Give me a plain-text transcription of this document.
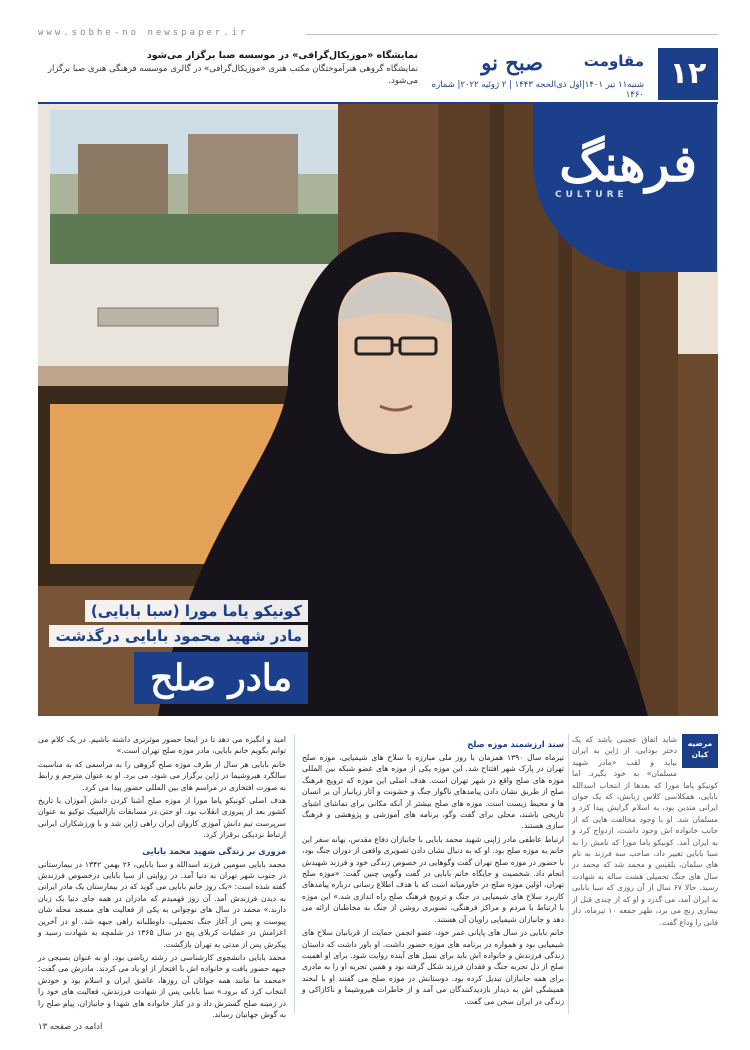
www.sobhe-no newspaper.ir
۱۲
مقاومت
صبح نو
شنبه۱۱ تیر ۱۴۰۱|اول ذی‌الحجه ۱۴۴۳ | ۲ ژوئیه ۲۰۲۲| شماره ۱۴۶۰
نمایشگاه «موزیکال‌گرافی» در موسسه صبا برگزار می‌شود
نمایشگاه گروهی هنرآموختگان مکتب هنری «موزیکال‌گرافی» در گالری موسسه فرهنگی هنری صبا برگزار می‌شود.
فرهنگ
CULTURE
کونیکو یاما مورا (سبا بابایی)
مادر شهید محمود بابایی درگذشت
مادر صلح
مرضیه کیان

شاید اتفاق عجیبی باشد که یک دختر بودایی، از ژاپن به ایران بیاید و لقب «مادر شهید مسلمان» به خود بگیرد. اما کونیکو یاما مورا که بعدها از انتخاب اسدالله بابایی، همکلاسی کلاس زبانش، که یک جوان ایرانی متدین بود، به اسلام گرایش پیدا کرد و مسلمان شد. او با وجود مخالفت هایی که از جانب خانواده اش وجود داشت، ازدواج کرد و به ایران آمد. کونیکو یاما مورا که نامش را به سبا بابایی تغییر داد، صاحب سه فرزند به نام های سلمان، بلقیس و محمد شد که محمد در سال های جنگ تحمیلی هشت ساله به شهادت رسید. حالا ۶۷ سال از آن روزی که سبا بابایی به ایران آمد، می گذرد و او که از چندی قبل از بیماری رنج می برد، ظهر جمعه ۱۰ تیرماه، دار فانی را وداع گفت.

سند ارزشمند موزه صلح

تیرماه سال ۱۳۹۰ همزمان با روز ملی مبارزه با سلاح های شیمیایی، موزه صلح تهران در پارک شهر افتتاح شد. این موزه یکی از موزه های عضو شبکه بین المللی موزه های صلح واقع در شهر تهران است. هدف اصلی این موزه که ترویج فرهنگ صلح از طریق نشان دادن پیامدهای ناگوار جنگ و خشونت و آثار زیانبار آن بر انسان ها و محیط زیست است. موزه های صلح بیشتر از آنکه مکانی برای تماشای اشیای تاریخی باشند، محلی برای گفت وگو، برنامه های آموزشی و پژوهشی و فرهنگ سازی هستند.

ارتباط عاطفی مادر ژاپنی شهید محمد بابایی با جانبازان دفاع مقدس، بهانه سفر این خانم به موزه صلح بود. او که به دنبال نشان دادن تصویری واقعی از دوران جنگ بود، با حضور در موزه صلح تهران گفت وگوهایی در خصوص زندگی خود و فرزند شهیدش انجام داد. شخصیت و جایگاه خانم بابایی در گفت وگویی چنین گفت: «موزه صلح تهران، اولین موزه صلح در خاورمیانه است که با هدف اطلاع رسانی درباره پیامدهای کاربرد سلاح های شیمیایی در جنگ و ترویج فرهنگ صلح راه اندازی شد.» این موزه با ارتباط با مردم و مراکز فرهنگی، تصویری روشن از جنگ به مخاطبان ارائه می دهد و جانبازان شیمیایی راویان آن هستند.

خانم بابایی در سال های پایانی عمر خود، عضو انجمن حمایت از قربانیان سلاح های شیمیایی بود و همواره در برنامه های موزه حضور داشت. او باور داشت که داستان زندگی فرزندش و خانواده اش باید برای نسل های آینده روایت شود. برای او اهمیت صلح از دل تجربه جنگ و فقدان فرزند شکل گرفته بود و همین تجربه او را به مادری برای همه جانبازان تبدیل کرده بود. دوستانش در موزه صلح می گفتند او با لبخند همیشگی اش به دیدار بازدیدکنندگان می آمد و از خاطرات هیروشیما و ناکازاکی و زندگی در ایران سخن می گفت.

امید و انگیزه می دهد تا در اینجا حضور موثرتری داشته باشیم. در یک کلام می توانم بگویم خانم بابایی، مادر موزه صلح تهران است.»

خانم بابایی هر سال از طرف موزه صلح گروهی را به مراسمی که به مناسبت سالگرد هیروشیما در ژاپن برگزار می شود، می برد. او به عنوان مترجم و رابط به صورت افتخاری در مراسم های بین المللی حضور پیدا می کرد.

هدف اصلی کونیکو یاما مورا از موزه صلح آشنا کردن دانش آموزان با تاریخ کشور بعد از پیروزی انقلاب بود. او حتی در مسابقات بارالمپیک توکیو به عنوان سرپرست تیم دانش آموزی کاروان ایران راهی ژاپن شد و با ورزشکاران ایرانی ارتباط نزدیکی برقرار کرد.

مروری بر زندگی شهید محمد بابایی

محمد بابایی سومین فرزند اسدالله و سبا بابایی، ۲۶ بهمن ۱۳۴۲ در بیمارستانی در جنوب شهر تهران به دنیا آمد. در روایتی از سبا بابایی درخصوص فرزندش گفته شده است: «یک روز خانم بابایی می گوید که در بیمارستان یک مادر ایرانی به دیدن فرزندش آمد. آن روز فهمیدم که مادران در همه جای دنیا یک زبان دارند.» محمد در سال های نوجوانی به یکی از فعالیت های مسجد محله شان پیوست و پس از آغاز جنگ تحمیلی، داوطلبانه راهی جبهه شد. او در آخرین اعزامش در عملیات کربلای پنج در سال ۱۳۶۵ در شلمچه به شهادت رسید و پیکرش پس از مدتی به تهران بازگشت.

محمد بابایی دانشجوی کارشناسی در رشته ریاضی بود. او به عنوان بسیجی در جبهه حضور یافت و خانواده اش با افتخار از او یاد می کردند. مادرش می گفت: «محمد ما مانند همه جوانان آن روزها، عاشق ایران و اسلام بود و خودش انتخاب کرد که برود.» سبا بابایی پس از شهادت فرزندش، فعالیت های خود را در زمینه صلح گسترش داد و در کنار خانواده های شهدا و جانبازان، پیام صلح را به گوش جهانیان رساند.

ادامه در صفحه ۱۳
